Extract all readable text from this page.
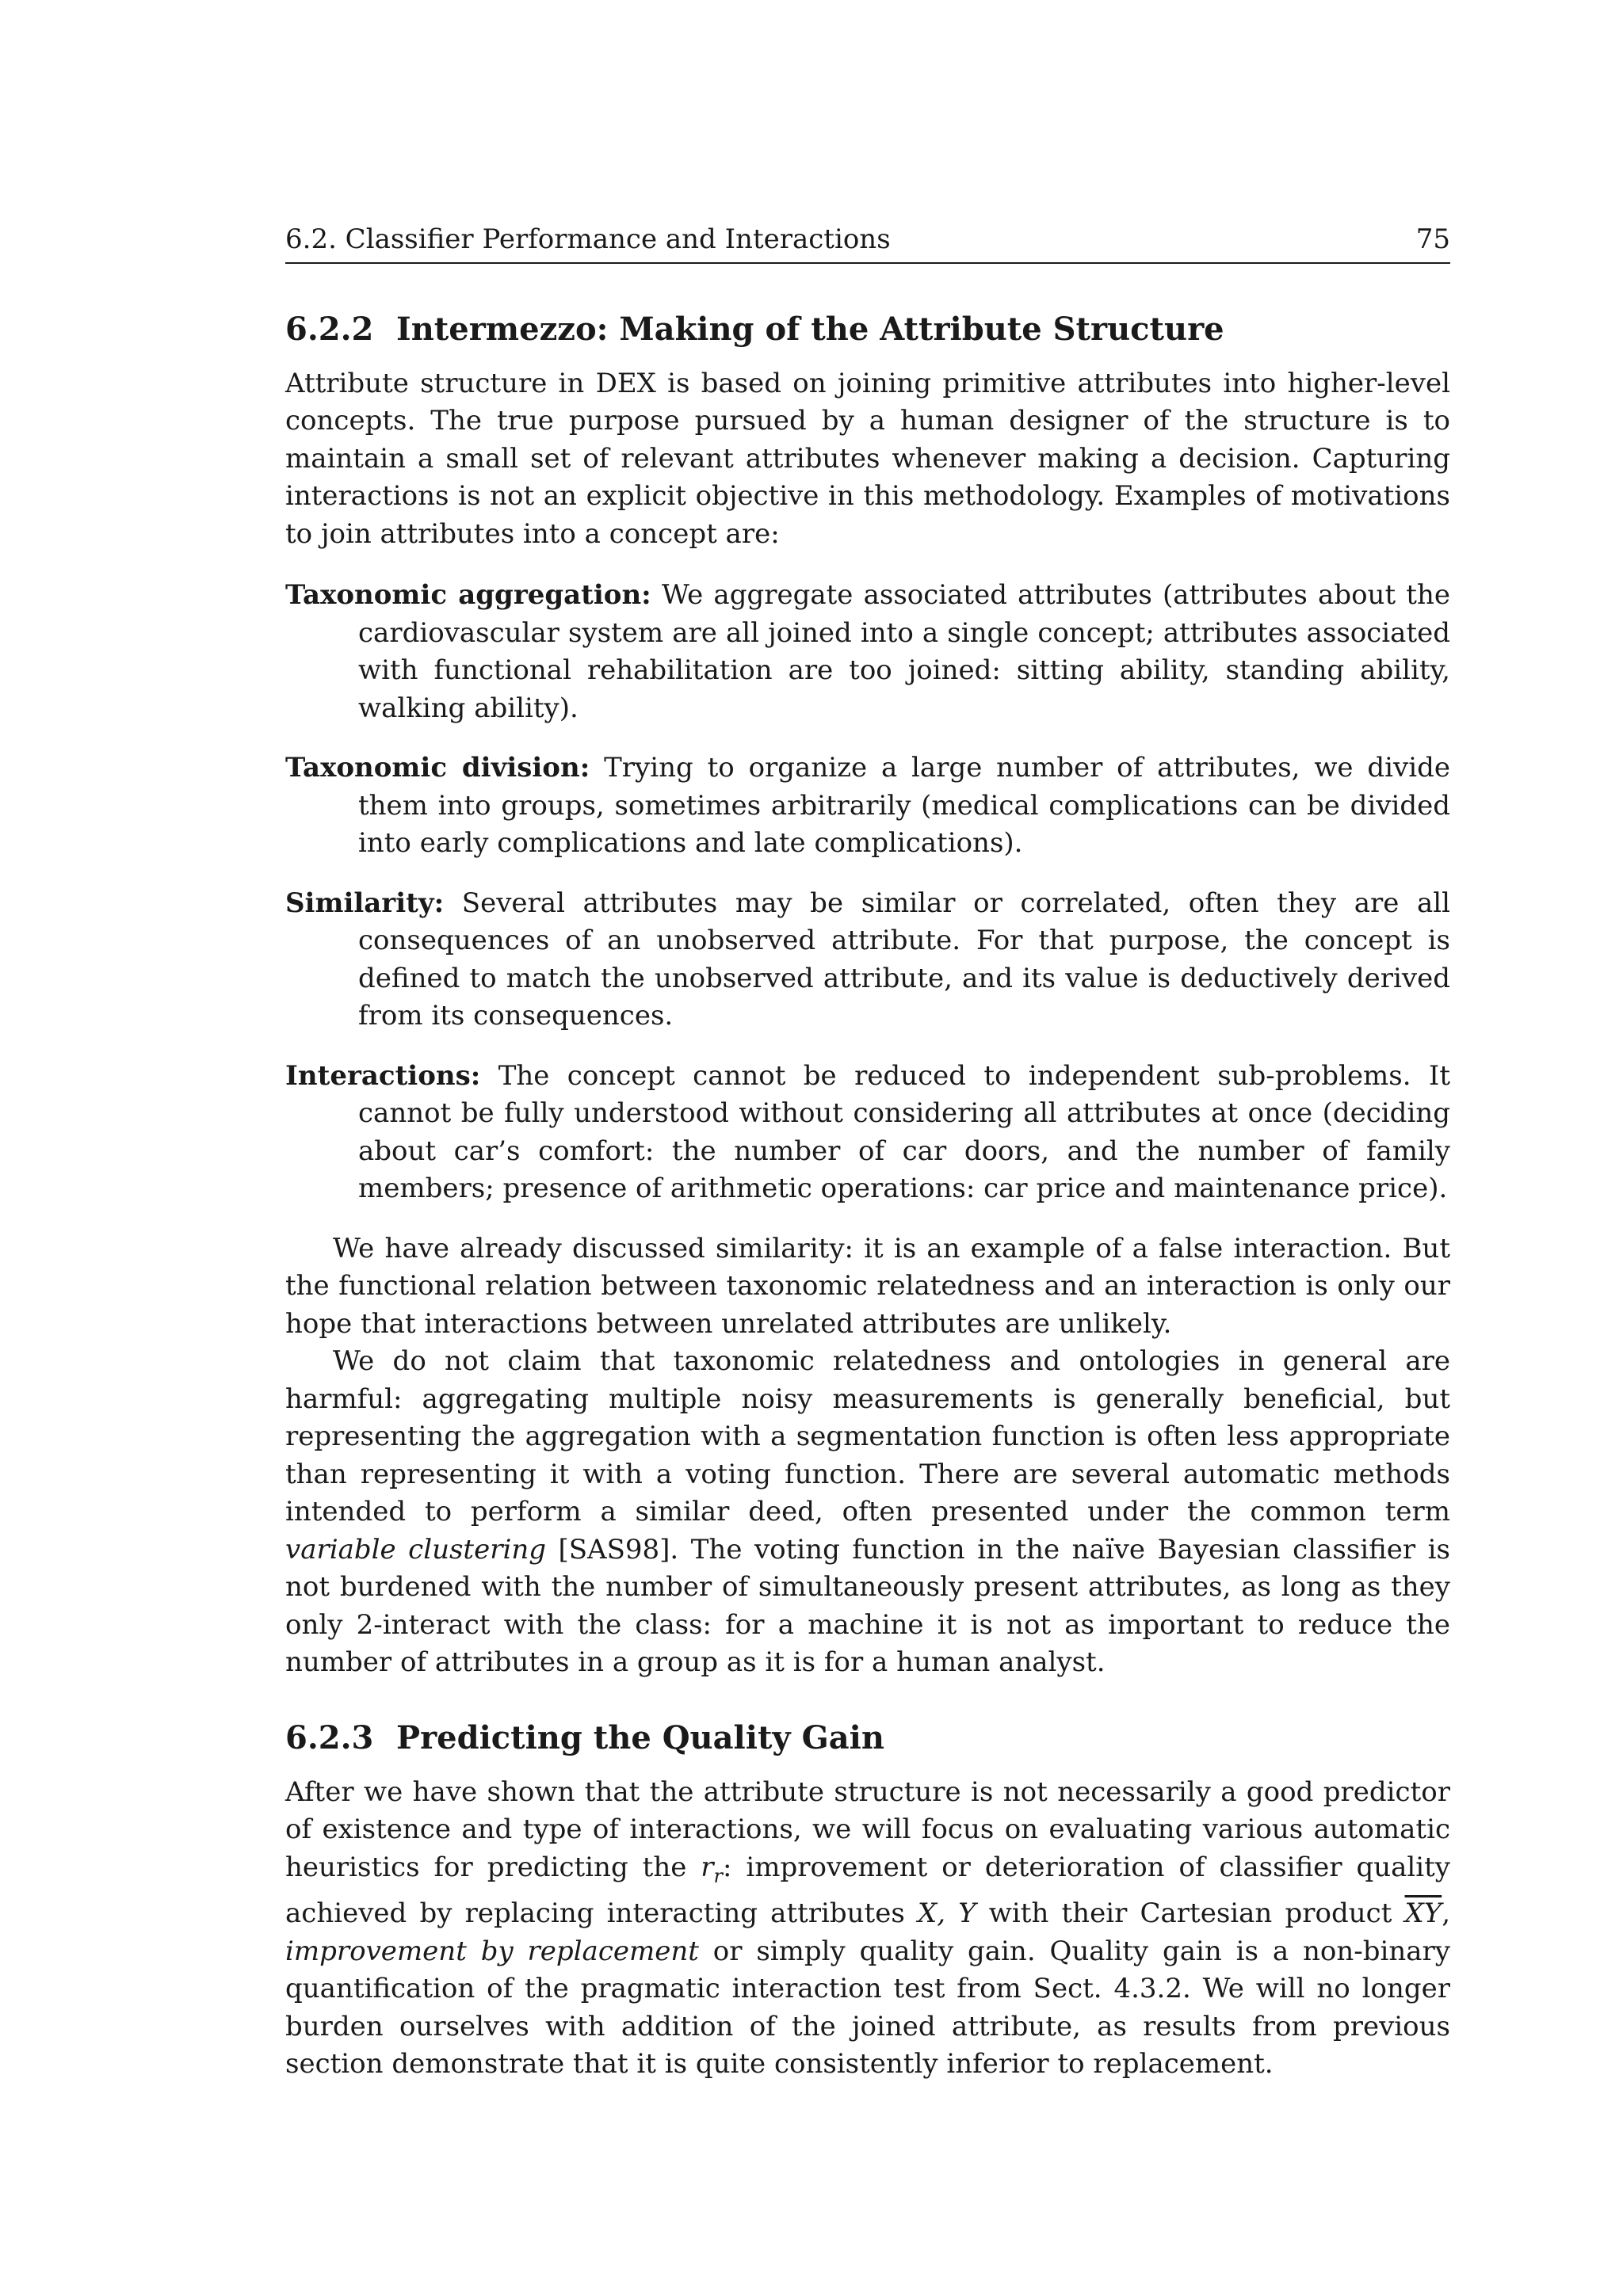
6.2. Classifier Performance and Interactions	75
6.2.2 Intermezzo: Making of the Attribute Structure

Attribute structure in DEX is based on joining primitive attributes into higher-level concepts. The true purpose pursued by a human designer of the structure is to maintain a small set of relevant attributes whenever making a decision. Capturing interactions is not an explicit objective in this methodology. Examples of motivations to join attributes into a concept are:

Taxonomic aggregation: We aggregate associated attributes (attributes about the cardiovascular system are all joined into a single concept; attributes associated with functional rehabilitation are too joined: sitting ability, standing ability, walking ability).
Taxonomic division: Trying to organize a large number of attributes, we divide them into groups, sometimes arbitrarily (medical complications can be divided into early complications and late complications).
Similarity: Several attributes may be similar or correlated, often they are all consequences of an unobserved attribute. For that purpose, the concept is defined to match the unobserved attribute, and its value is deductively derived from its consequences.
Interactions: The concept cannot be reduced to independent sub-problems. It cannot be fully understood without considering all attributes at once (deciding about car’s comfort: the number of car doors, and the number of family members; presence of arithmetic operations: car price and maintenance price).

We have already discussed similarity: it is an example of a false interaction. But the functional relation between taxonomic relatedness and an interaction is only our hope that interactions between unrelated attributes are unlikely.

We do not claim that taxonomic relatedness and ontologies in general are harmful: aggregating multiple noisy measurements is generally beneficial, but representing the aggregation with a segmentation function is often less appropriate than representing it with a voting function. There are several automatic methods intended to perform a similar deed, often presented under the common term variable clustering [SAS98]. The voting function in the naïve Bayesian classifier is not burdened with the number of simultaneously present attributes, as long as they only 2-interact with the class: for a machine it is not as important to reduce the number of attributes in a group as it is for a human analyst.

6.2.3 Predicting the Quality Gain

After we have shown that the attribute structure is not necessarily a good predictor of existence and type of interactions, we will focus on evaluating various automatic heuristics for predicting the $r_r$: improvement or deterioration of classifier quality achieved by replacing interacting attributes X, Y with their Cartesian product $\overline{XY}$, improvement by replacement or simply quality gain. Quality gain is a non-binary quantification of the pragmatic interaction test from Sect. 4.3.2. We will no longer burden ourselves with addition of the joined attribute, as results from previous section demonstrate that it is quite consistently inferior to replacement.
